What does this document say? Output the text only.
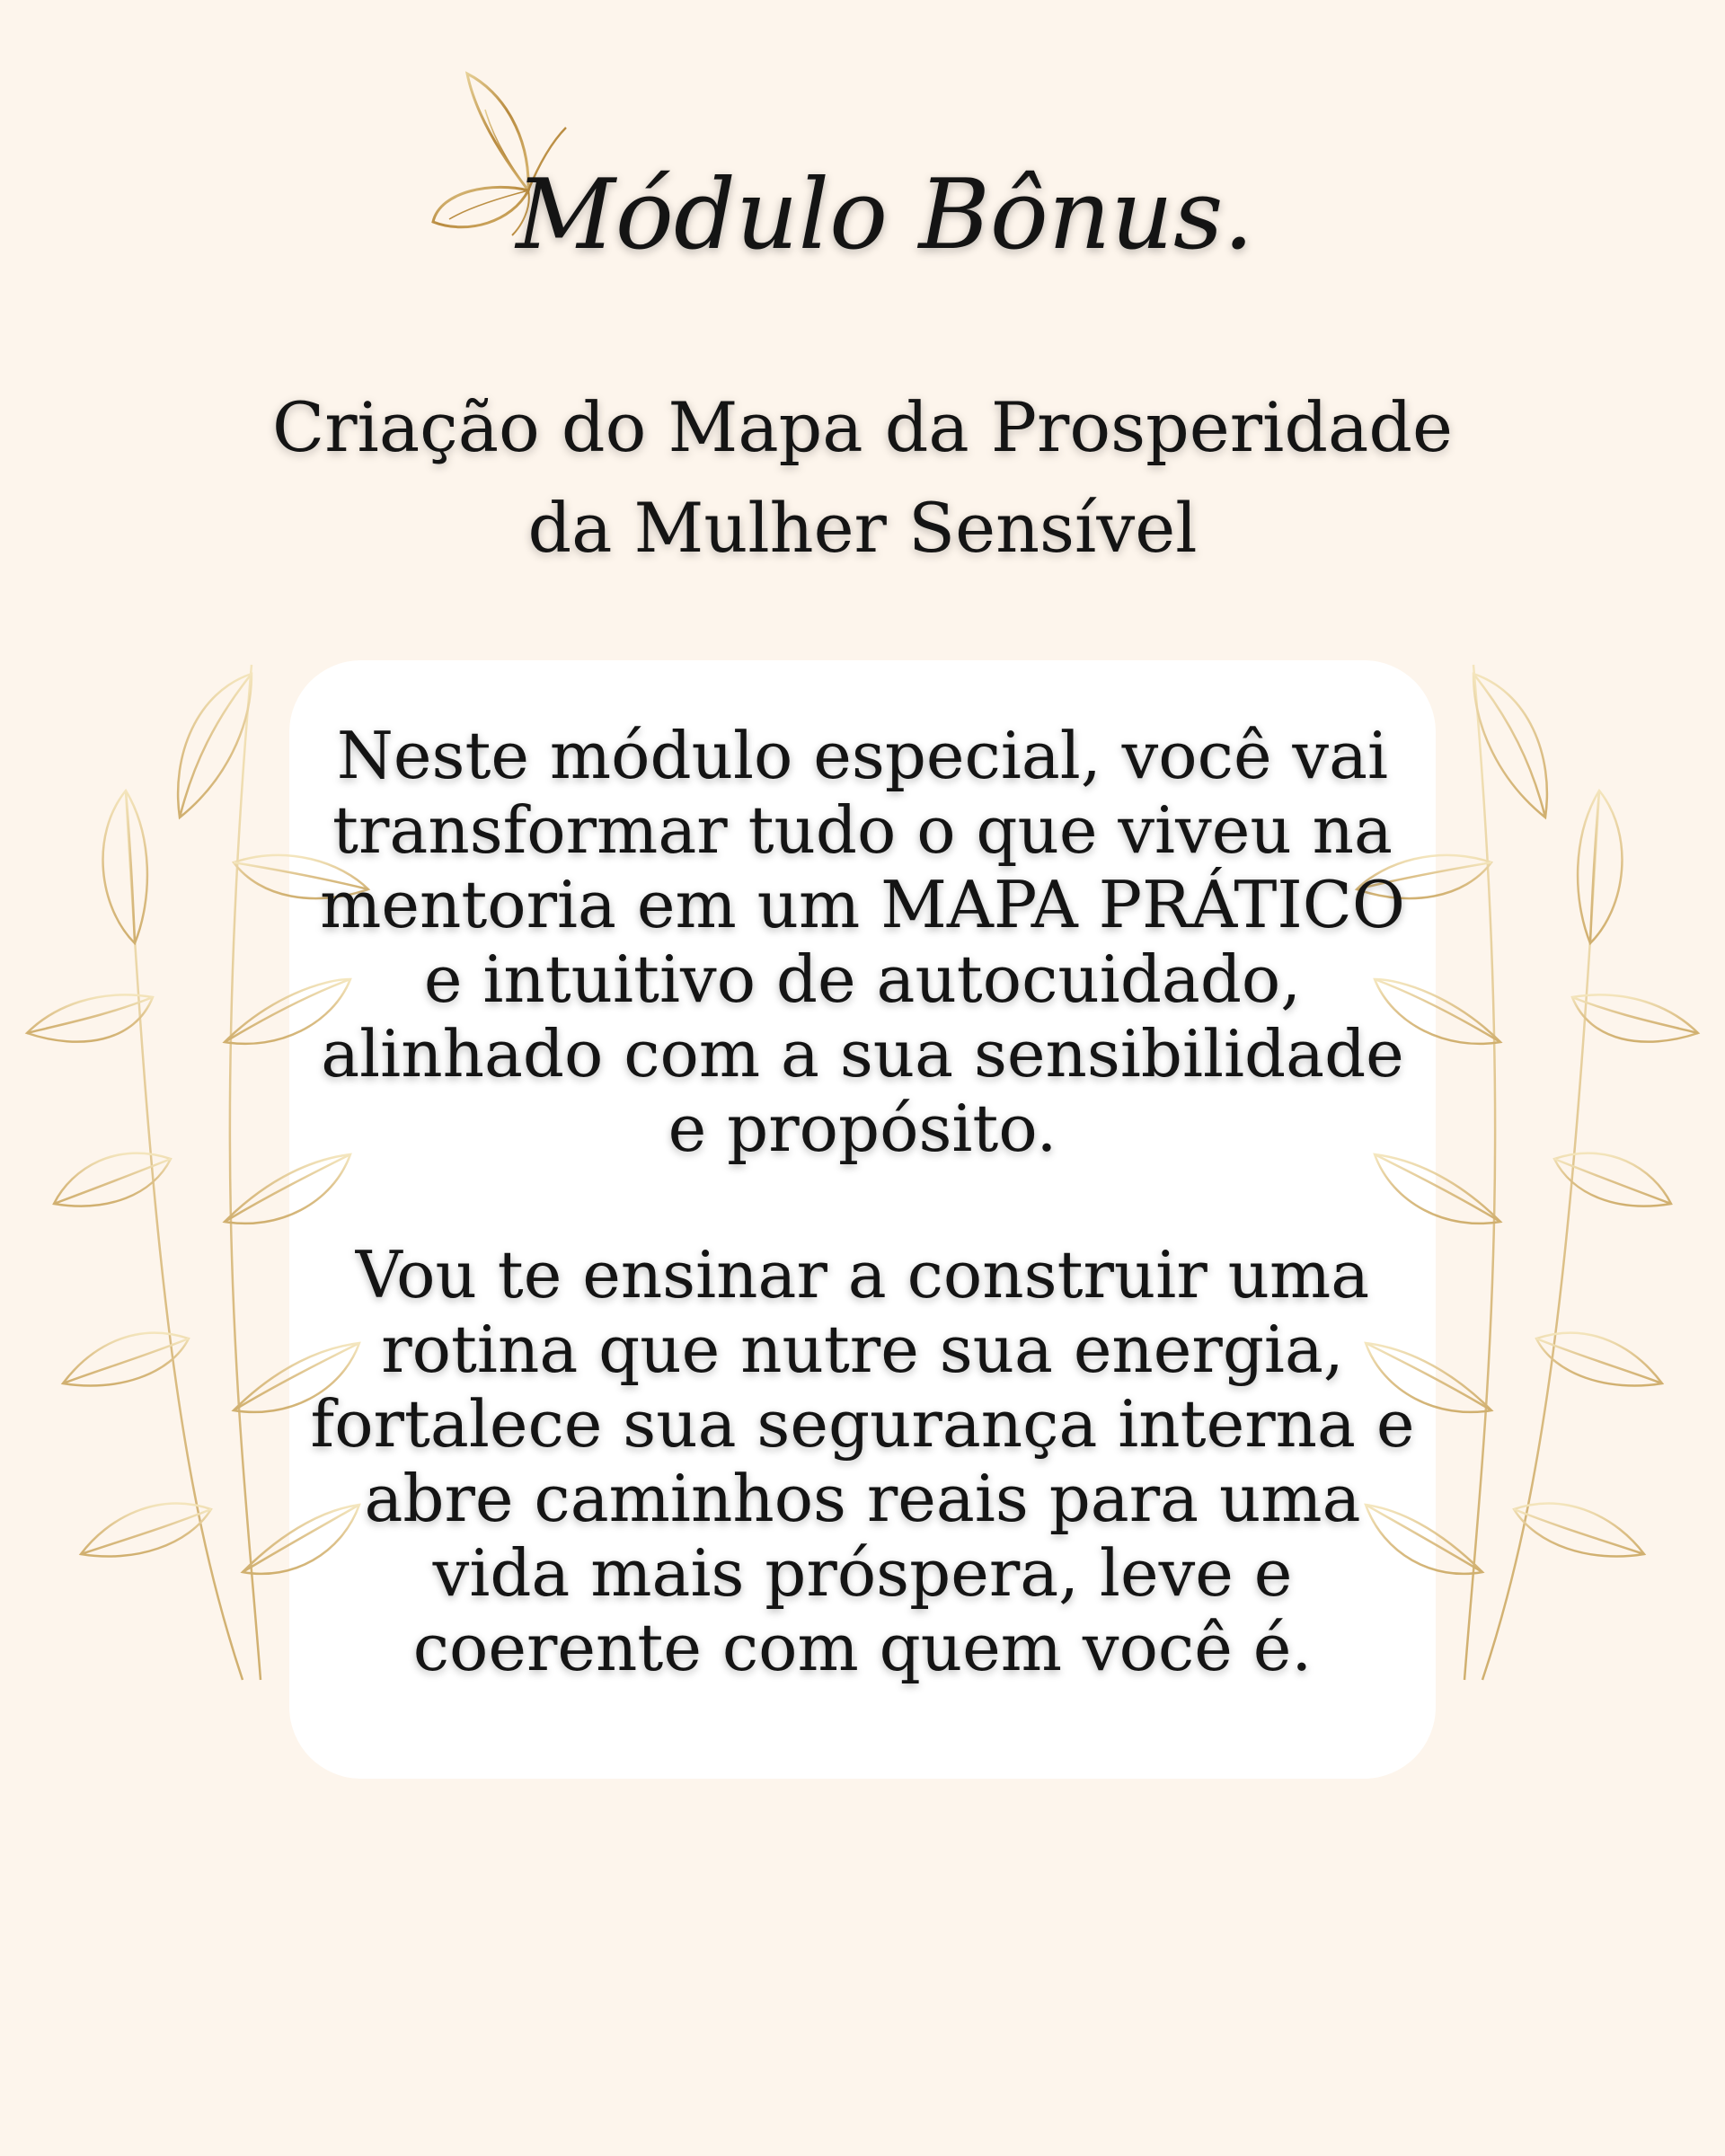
Módulo Bônus.
Criação do Mapa da Prosperidade da Mulher Sensível

Neste módulo especial, você vai transformar tudo o que viveu na mentoria em um MAPA PRÁTICO e intuitivo de autocuidado, alinhado com a sua sensibilidade e propósito.

Vou te ensinar a construir uma rotina que nutre sua energia, fortalece sua segurança interna e abre caminhos reais para uma vida mais próspera, leve e coerente com quem você é.
